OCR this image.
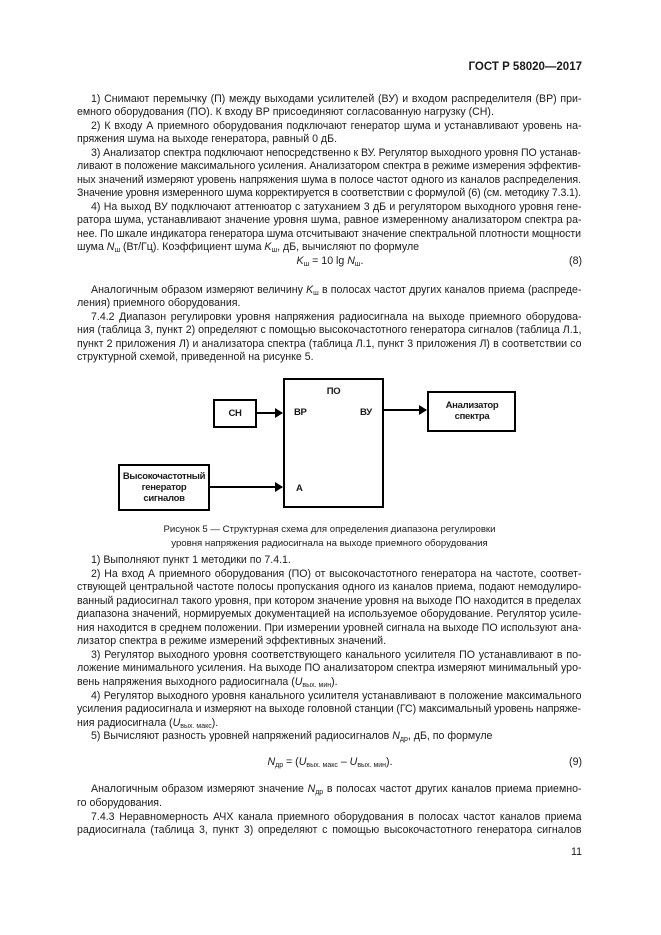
ГОСТ Р 58020—2017
1) Снимают перемычку (П) между выходами усилителей (ВУ) и входом распределителя (ВР) при-
емного оборудования (ПО). К входу ВР присоединяют согласованную нагрузку (СН).
2) К входу А приемного оборудования подключают генератор шума и устанавливают уровень на-
пряжения шума на выходе генератора, равный 0 дБ.
3) Анализатор спектра подключают непосредственно к ВУ. Регулятор выходного уровня ПО устанав-
ливают в положение максимального усиления. Анализатором спектра в режиме измерения эффектив-
ных значений измеряют уровень напряжения шума в полосе частот одного из каналов распределения.
Значение уровня измеренного шума корректируется в соответствии с формулой (6) (см. методику 7.3.1).
4) На выход ВУ подключают аттенюатор с затуханием 3 дБ и регулятором выходного уровня гене-
ратора шума, устанавливают значение уровня шума, равное измеренному анализатором спектра ра-
нее. По шкале индикатора генератора шума отсчитывают значение спектральной плотности мощности
шума $N_ш$ (Вт/Гц). Коэффициент шума $K_ш$, дБ, вычисляют по формуле
$K_ш = 10$ $\lg N_ш$.	(8)
Аналогичным образом измеряют величину $K_ш$ в полосах частот других каналов приема (распреде-
ления) приемного оборудования.
7.4.2 Диапазон регулировки уровня напряжения радиосигнала на выходе приемного оборудова-
ния (таблица 3, пункт 2) определяют с помощью высокочастотного генератора сигналов (таблица Л.1,
пункт 2 приложения Л) и анализатора спектра (таблица Л.1, пункт 3 приложения Л) в соответствии со
структурной схемой, приведенной на рисунке 5.
ПО
ВР	ВУ
А
СН
Анализатор спектра
Высокочастотный генератор сигналов
Рисунок 5 — Структурная схема для определения диапазона регулировки
уровня напряжения радиосигнала на выходе приемного оборудования
1) Выполняют пункт 1 методики по 7.4.1.
2) На вход А приемного оборудования (ПО) от высокочастотного генератора на частоте, соответ-
ствующей центральной частоте полосы пропускания одного из каналов приема, подают немодулиро-
ванный радиосигнал такого уровня, при котором значение уровня на выходе ПО находится в пределах
диапазона значений, нормируемых документацией на используемое оборудование. Регулятор усиле-
ния находится в среднем положении. При измерении уровней сигнала на выходе ПО используют ана-
лизатор спектра в режиме измерений эффективных значений.
3) Регулятор выходного уровня соответствующего канального усилителя ПО устанавливают в по-
ложение минимального усиления. На выходе ПО анализатором спектра измеряют минимальный уро-
вень напряжения выходного радиосигнала $(U_{вых. мин})$.
4) Регулятор выходного уровня канального усилителя устанавливают в положение максимального
усиления радиосигнала и измеряют на выходе головной станции (ГС) максимальный уровень напряже-
ния радиосигнала $(U_{вых. макс})$.
5) Вычисляют разность уровней напряжений радиосигналов $N_{др}$, дБ, по формуле
$N_{др} = (U_{вых. макс} - U_{вых. мин})$.	(9)
Аналогичным образом измеряют значение $N_{др}$ в полосах частот других каналов приема приемно-
го оборудования.
7.4.3 Неравномерность АЧХ канала приемного оборудования в полосах частот каналов приема
радиосигнала (таблица 3, пункт 3) определяют с помощью высокочастотного генератора сигналов
11
